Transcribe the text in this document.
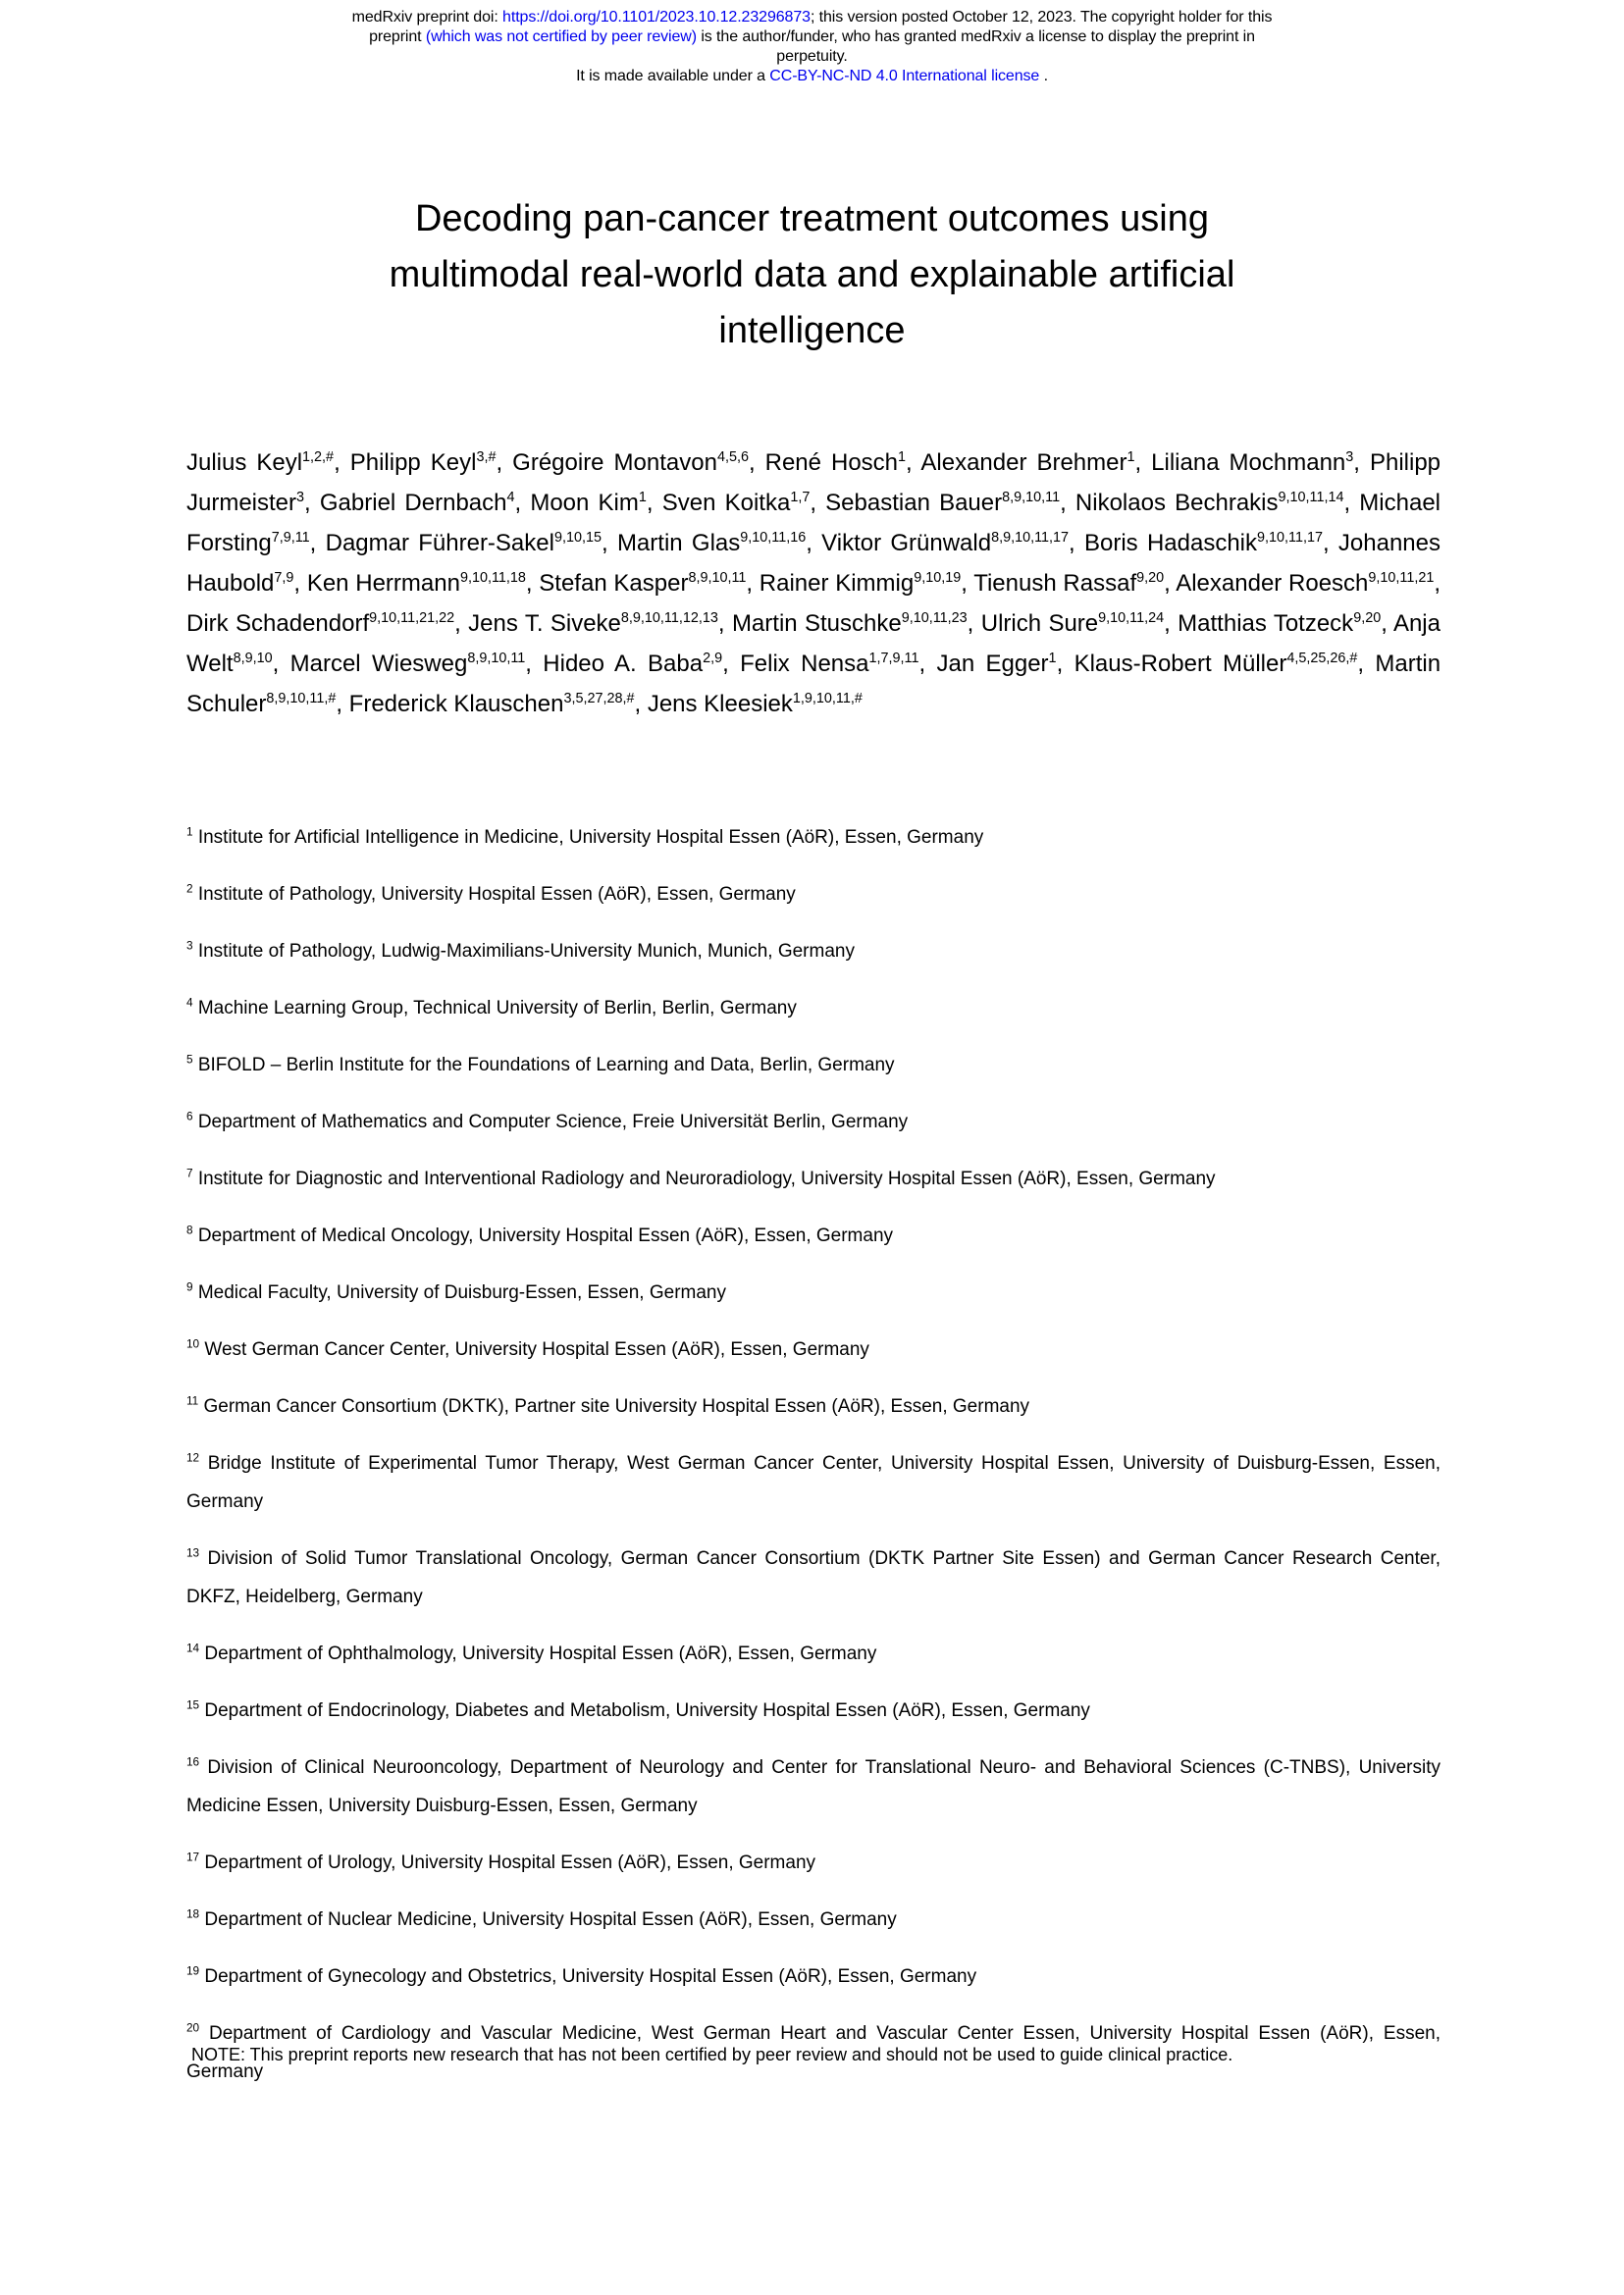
medRxiv preprint doi: https://doi.org/10.1101/2023.10.12.23296873; this version posted October 12, 2023. The copyright holder for this
preprint (which was not certified by peer review) is the author/funder, who has granted medRxiv a license to display the preprint in
perpetuity.
It is made available under a CC-BY-NC-ND 4.0 International license .
Decoding pan-cancer treatment outcomes using
multimodal real-world data and explainable artificial
intelligence

Julius Keyl$^{1,2,\#}$, Philipp Keyl$^{3,\#}$, Grégoire Montavon$^{4,5,6}$, René Hosch$^1$, Alexander Brehmer$^1$, Liliana Mochmann$^3$, Philipp Jurmeister$^3$, Gabriel Dernbach$^4$, Moon Kim$^1$, Sven Koitka$^{1,7}$, Sebastian Bauer$^{8,9,10,11}$, Nikolaos Bechrakis$^{9,10,11,14}$, Michael Forsting$^{7,9,11}$, Dagmar Führer-Sakel$^{9,10,15}$, Martin Glas$^{9,10,11,16}$, Viktor Grünwald$^{8,9,10,11,17}$, Boris Hadaschik$^{9,10,11,17}$, Johannes Haubold$^{7,9}$, Ken Herrmann$^{9,10,11,18}$, Stefan Kasper$^{8,9,10,11}$, Rainer Kimmig$^{9,10,19}$, Tienush Rassaf$^{9,20}$, Alexander Roesch$^{9,10,11,21}$, Dirk Schadendorf$^{9,10,11,21,22}$, Jens T. Siveke$^{8,9,10,11,12,13}$, Martin Stuschke$^{9,10,11,23}$, Ulrich Sure$^{9,10,11,24}$, Matthias Totzeck$^{9,20}$, Anja Welt$^{8,9,10}$, Marcel Wiesweg$^{8,9,10,11}$, Hideo A. Baba$^{2,9}$, Felix Nensa$^{1,7,9,11}$, Jan Egger$^1$, Klaus-Robert Müller$^{4,5,25,26,\#}$, Martin Schuler$^{8,9,10,11,\#}$, Frederick Klauschen$^{3,5,27,28,\#}$, Jens Kleesiek$^{1,9,10,11,\#}$

$^1$ Institute for Artificial Intelligence in Medicine, University Hospital Essen (AöR), Essen, Germany

$^2$ Institute of Pathology, University Hospital Essen (AöR), Essen, Germany

$^3$ Institute of Pathology, Ludwig-Maximilians-University Munich, Munich, Germany

$^4$ Machine Learning Group, Technical University of Berlin, Berlin, Germany

$^5$ BIFOLD – Berlin Institute for the Foundations of Learning and Data, Berlin, Germany

$^6$ Department of Mathematics and Computer Science, Freie Universität Berlin, Germany

$^7$ Institute for Diagnostic and Interventional Radiology and Neuroradiology, University Hospital Essen (AöR), Essen, Germany

$^8$ Department of Medical Oncology, University Hospital Essen (AöR), Essen, Germany

$^9$ Medical Faculty, University of Duisburg-Essen, Essen, Germany

$^{10}$ West German Cancer Center, University Hospital Essen (AöR), Essen, Germany

$^{11}$ German Cancer Consortium (DKTK), Partner site University Hospital Essen (AöR), Essen, Germany

$^{12}$ Bridge Institute of Experimental Tumor Therapy, West German Cancer Center, University Hospital Essen, University of Duisburg-Essen, Essen, Germany

$^{13}$ Division of Solid Tumor Translational Oncology, German Cancer Consortium (DKTK Partner Site Essen) and German Cancer Research Center, DKFZ, Heidelberg, Germany

$^{14}$ Department of Ophthalmology, University Hospital Essen (AöR), Essen, Germany

$^{15}$ Department of Endocrinology, Diabetes and Metabolism, University Hospital Essen (AöR), Essen, Germany

$^{16}$ Division of Clinical Neurooncology, Department of Neurology and Center for Translational Neuro- and Behavioral Sciences (C-TNBS), University Medicine Essen, University Duisburg-Essen, Essen, Germany

$^{17}$ Department of Urology, University Hospital Essen (AöR), Essen, Germany

$^{18}$ Department of Nuclear Medicine, University Hospital Essen (AöR), Essen, Germany

$^{19}$ Department of Gynecology and Obstetrics, University Hospital Essen (AöR), Essen, Germany

$^{20}$ Department of Cardiology and Vascular Medicine, West German Heart and Vascular Center Essen, University Hospital Essen (AöR), Essen, Germany

NOTE: This preprint reports new research that has not been certified by peer review and should not be used to guide clinical practice.
